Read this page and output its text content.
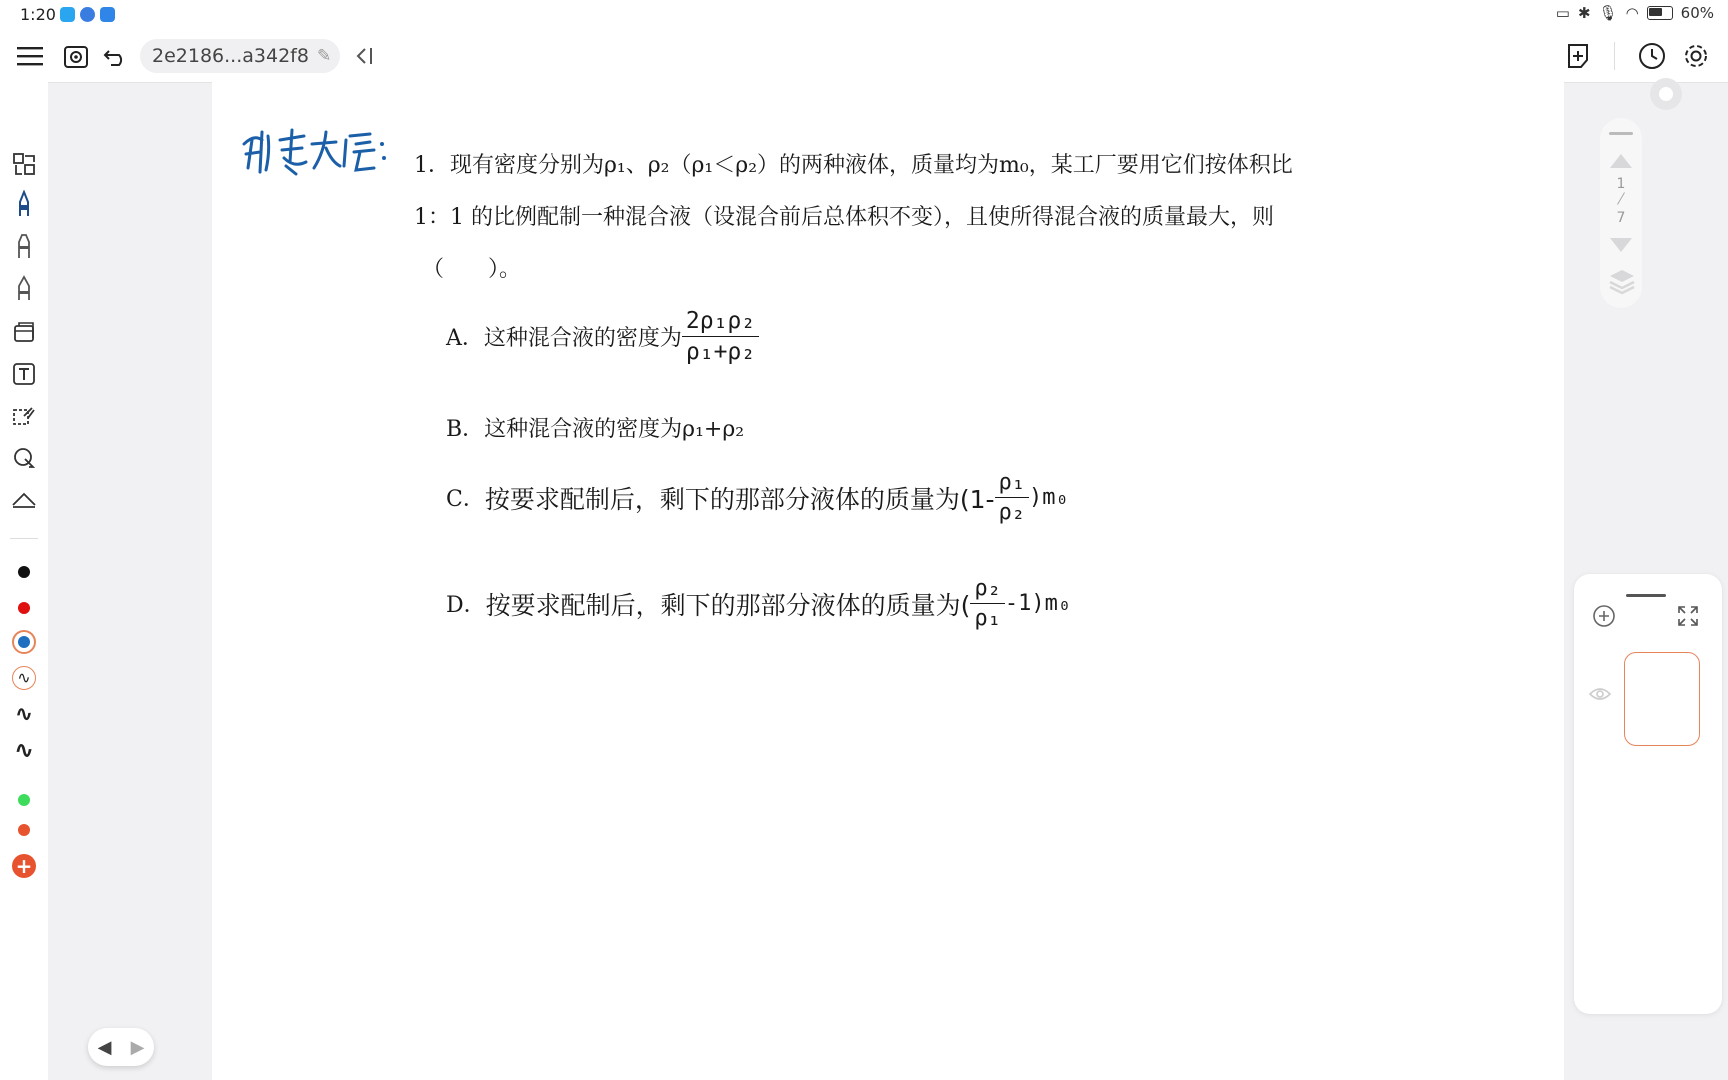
1:20	▭ ✱ 🎙︎ ◠	60%
2e2186...a342f8 ✎
∿
∿
∿
+
1．现有密度分别为ρ₁、ρ₂（ρ₁＜ρ₂）的两种液体，质量均为m₀，某工厂要用它们按体积比
1：1 的比例配制一种混合液（设混合前后总体积不变），且使所得混合液的质量最大，则
（　　）。
A．这种混合液的密度为 $\frac{\text{2ρ₁ρ₂}}{\text{ρ₁+ρ₂}}$
B．这种混合液的密度为ρ₁+ρ₂
C． 按要求配制后，剩下的那部分液体的质量为$(1- \frac{\text{ρ₁}}{\text{ρ₂}} )m_0$
D． 按要求配制后，剩下的那部分液体的质量为( $\frac{\text{ρ₂}}{\text{ρ₁}} -1)m_0$
1
7
◀ ▶
